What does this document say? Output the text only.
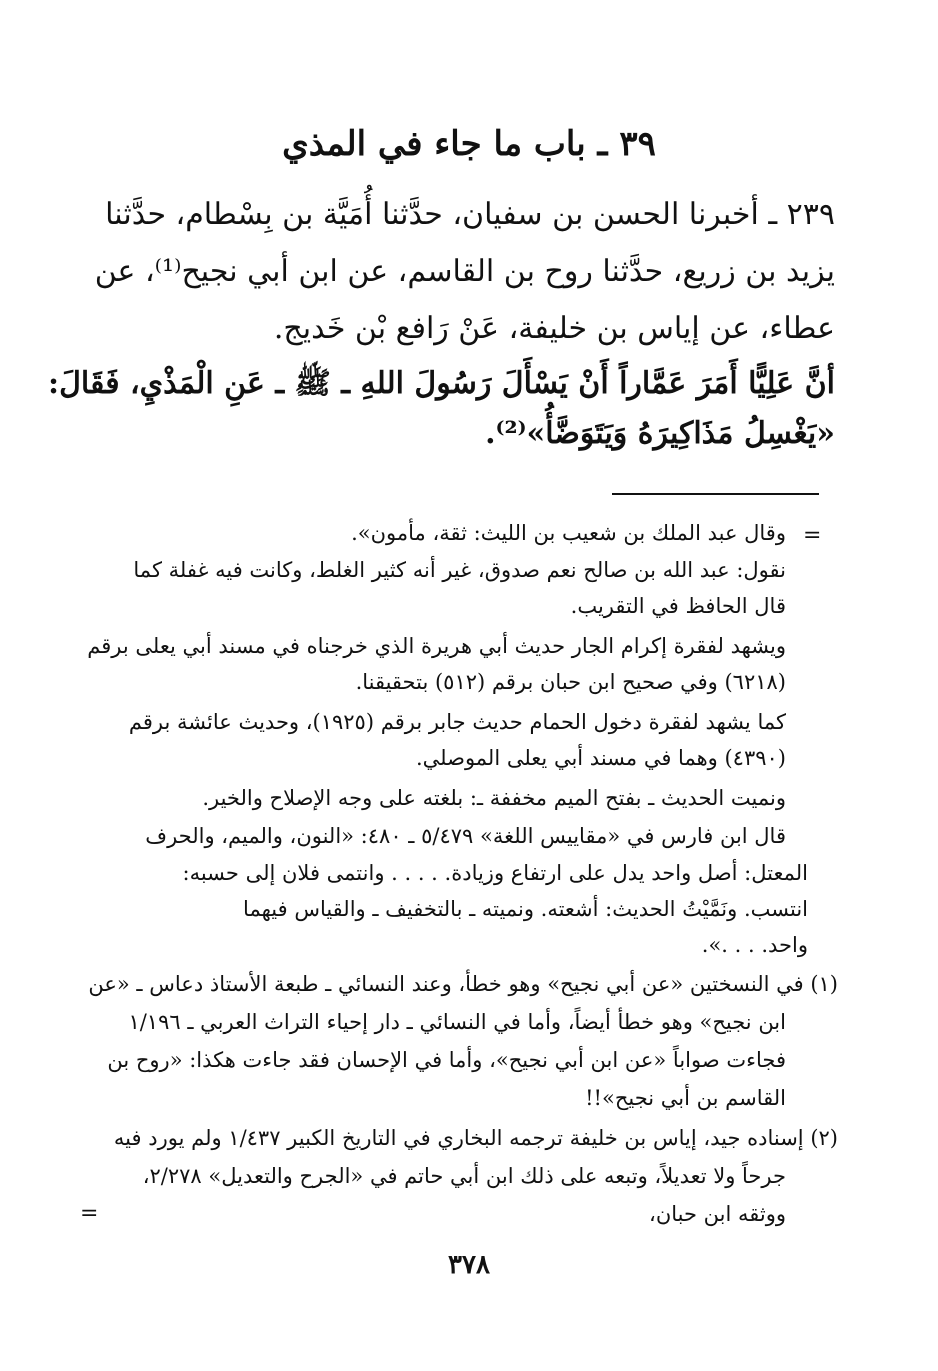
٣٩ ـ باب ما جاء في المذي
٢٣٩ ـ أخبرنا الحسن بن سفيان، حدَّثنا أُمَيَّة بن بِسْطام، حدَّثنا
يزيد بن زريع، حدَّثنا روح بن القاسم، عن ابن أبي نجيح⁽¹⁾، عن
عطاء، عن إياس بن خليفة، عَنْ رَافع بْن خَديج.
أنَّ عَلِيًّا أَمَرَ عَمَّاراً أَنْ يَسْأَلَ رَسُولَ اللهِ ـ ﷺ ـ عَنِ الْمَذْيِ، فَقَالَ:
«يَغْسِلُ مَذَاكِيرَهُ وَيَتَوَضَّأُ»⁽²⁾.
=
وقال عبد الملك بن شعيب بن الليث: ثقة، مأمون».
نقول: عبد الله بن صالح نعم صدوق، غير أنه كثير الغلط، وكانت فيه غفلة كما
قال الحافظ في التقريب.
ويشهد لفقرة إكرام الجار حديث أبي هريرة الذي خرجناه في مسند أبي يعلى برقم
(٦٢١٨) وفي صحيح ابن حبان برقم (٥١٢) بتحقيقنا.
كما يشهد لفقرة دخول الحمام حديث جابر برقم (١٩٢٥)، وحديث عائشة برقم
(٤٣٩٠) وهما في مسند أبي يعلى الموصلي.
ونميت الحديث ـ بفتح الميم مخففة ـ: بلغته على وجه الإصلاح والخير.
قال ابن فارس في «مقاييس اللغة» ٥/٤٧٩ ـ ٤٨٠: «النون، والميم، والحرف
المعتل: أصل واحد يدل على ارتفاع وزيادة. . . . . وانتمى فلان إلى حسبه:
انتسب. ونَمَّيْتُ الحديث: أشعته. ونميته ـ بالتخفيف ـ والقياس فيهما
واحد. . . .».
(١) في النسختين «عن أبي نجيح» وهو خطأ، وعند النسائي ـ طبعة الأستاذ دعاس ـ «عن
ابن نجيح» وهو خطأ أيضاً، وأما في النسائي ـ دار إحياء التراث العربي ـ ١/١٩٦
فجاءت صواباً «عن ابن أبي نجيح»، وأما في الإحسان فقد جاءت هكذا: «روح بن
القاسم بن أبي نجيح»!!
(٢) إسناده جيد، إياس بن خليفة ترجمه البخاري في التاريخ الكبير ١/٤٣٧ ولم يورد فيه
جرحاً ولا تعديلاً، وتبعه على ذلك ابن أبي حاتم في «الجرح والتعديل» ٢/٢٧٨،
ووثقه ابن حبان،
=
٣٧٨
